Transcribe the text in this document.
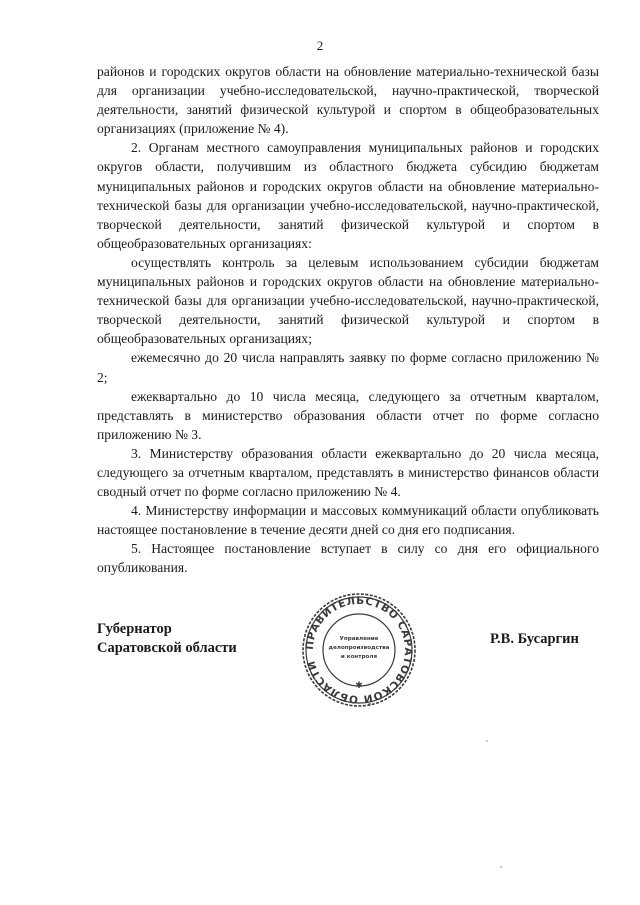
2

районов и городских округов области на обновление материально-технической базы для организации учебно-исследовательской, научно-практической, творческой деятельности, занятий физической культурой и спортом в общеобразовательных организациях (приложение № 4).

2. Органам местного самоуправления муниципальных районов и городских округов области, получившим из областного бюджета субсидию бюджетам муниципальных районов и городских округов области на обновление материально-технической базы для организации учебно-исследовательской, научно-практической, творческой деятельности, занятий физической культурой и спортом в общеобразовательных организациях:

осуществлять контроль за целевым использованием субсидии бюджетам муниципальных районов и городских округов области на обновление материально-технической базы для организации учебно-исследовательской, научно-практической, творческой деятельности, занятий физической культурой и спортом в общеобразовательных организациях;

ежемесячно до 20 числа направлять заявку по форме согласно приложению № 2;

ежеквартально до 10 числа месяца, следующего за отчетным кварталом, представлять в министерство образования области отчет по форме согласно приложению № 3.

3. Министерству образования области ежеквартально до 20 числа месяца, следующего за отчетным кварталом, представлять в министерство финансов области сводный отчет по форме согласно приложению № 4.

4. Министерству информации и массовых коммуникаций области опубликовать настоящее постановление в течение десяти дней со дня его подписания.

5. Настоящее постановление вступает в силу со дня его официального опубликования.

Губернатор
Саратовской области	ПРАВИТЕЛЬСТВО САРАТОВСКОЙ ОБЛАСТИ
Управление
делопроизводства
и контроля
✱
Р.В. Бусаргин
